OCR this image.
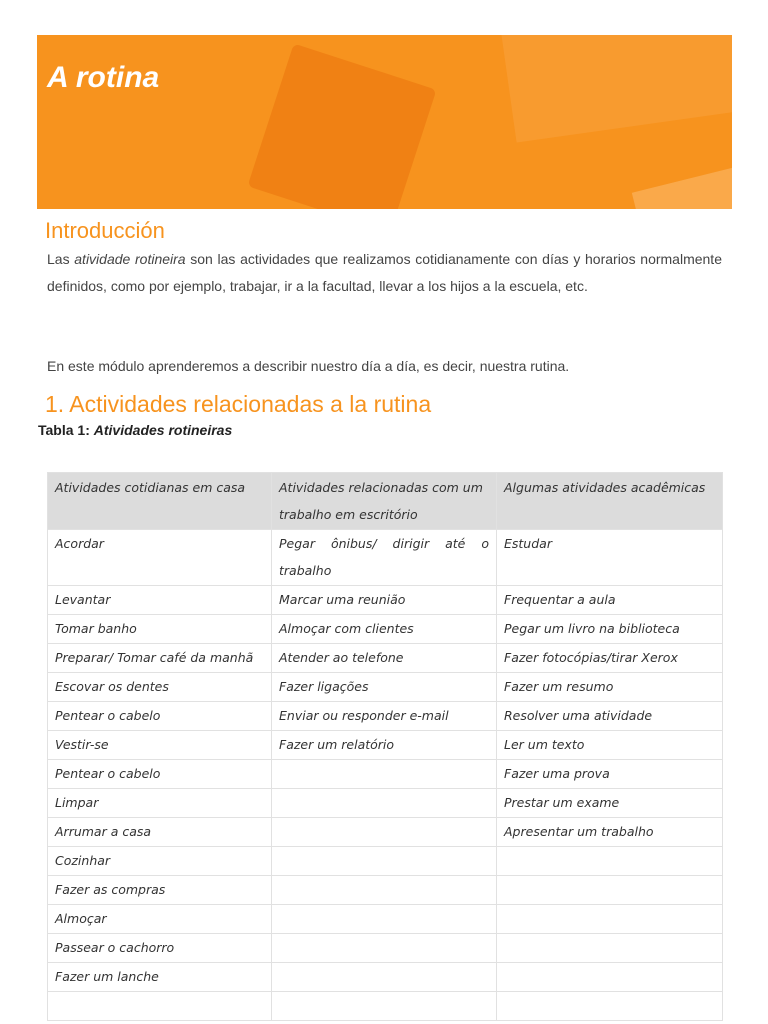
A rotina
Introducción

Las atividade rotineira son las actividades que realizamos cotidianamente con días y horarios normalmente definidos, como por ejemplo, trabajar, ir a la facultad, llevar a los hijos a la escuela, etc.

En este módulo aprenderemos a describir nuestro día a día, es decir, nuestra rutina.

1. Actividades relacionadas a la rutina
Tabla 1: Atividades rotineiras
Atividades cotidianas em casa	Atividades relacionadas com um trabalho em escritório	Algumas atividades acadêmicas
Acordar	Pegar ônibus/ dirigir até o trabalho	Estudar
Levantar	Marcar uma reunião	Frequentar a aula
Tomar banho	Almoçar com clientes	Pegar um livro na biblioteca
Preparar/ Tomar café da manhã	Atender ao telefone	Fazer fotocópias/tirar Xerox
Escovar os dentes	Fazer ligações	Fazer um resumo
Pentear o cabelo	Enviar ou responder e-mail	Resolver uma atividade
Vestir-se	Fazer um relatório	Ler um texto
Pentear o cabelo		Fazer uma prova
Limpar		Prestar um exame
Arrumar a casa		Apresentar um trabalho
Cozinhar		
Fazer as compras		
Almoçar		
Passear o cachorro		
Fazer um lanche		
